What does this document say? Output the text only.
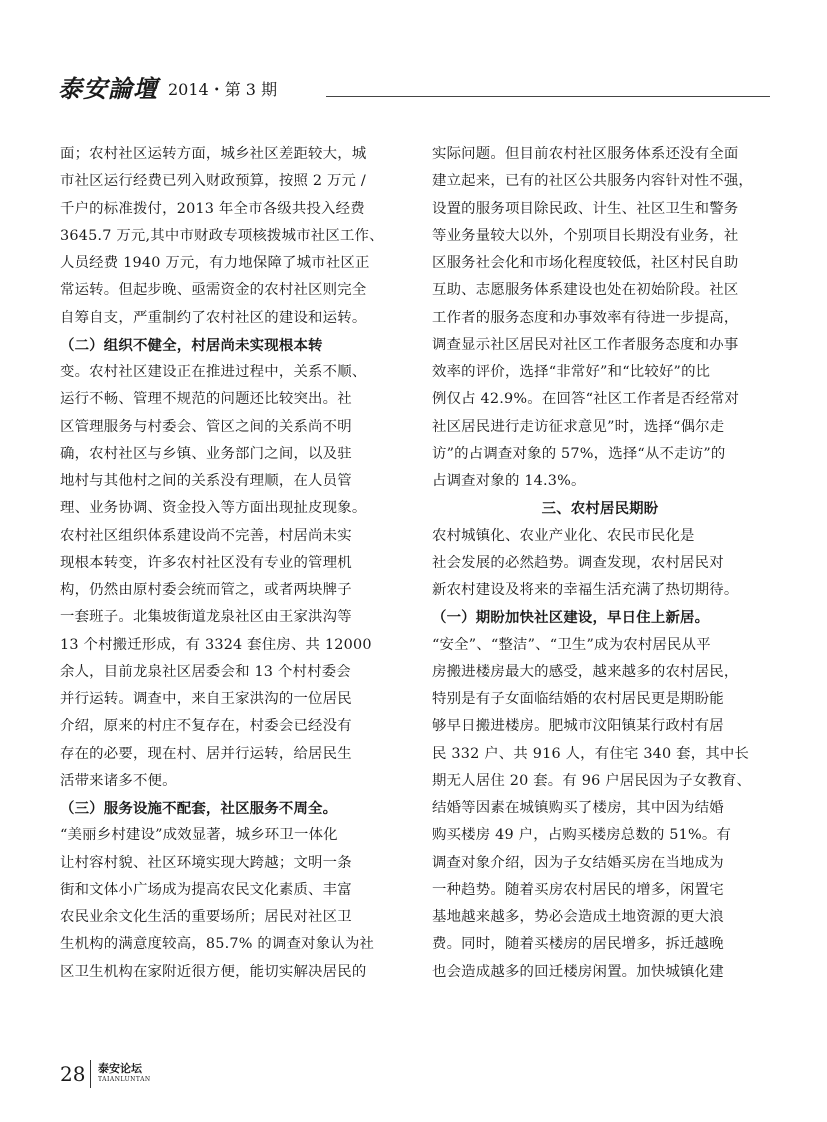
泰安論壇 2014・第 3 期
面；农村社区运转方面，城乡社区差距较大，城
市社区运行经费已列入财政预算，按照 2 万元 /
千户的标准拨付，2013 年全市各级共投入经费
3645.7 万元,其中市财政专项核拨城市社区工作、
人员经费 1940 万元，有力地保障了城市社区正
常运转。但起步晚、亟需资金的农村社区则完全
自筹自支，严重制约了农村社区的建设和运转。
（二）组织不健全，村居尚未实现根本转
变。农村社区建设正在推进过程中，关系不顺、
运行不畅、管理不规范的问题还比较突出。社
区管理服务与村委会、管区之间的关系尚不明
确，农村社区与乡镇、业务部门之间，以及驻
地村与其他村之间的关系没有理顺，在人员管
理、业务协调、资金投入等方面出现扯皮现象。
农村社区组织体系建设尚不完善，村居尚未实
现根本转变，许多农村社区没有专业的管理机
构，仍然由原村委会统而管之，或者两块牌子
一套班子。北集坡街道龙泉社区由王家洪沟等
13 个村搬迁形成，有 3324 套住房、共 12000
余人，目前龙泉社区居委会和 13 个村村委会
并行运转。调查中，来自王家洪沟的一位居民
介绍，原来的村庄不复存在，村委会已经没有
存在的必要，现在村、居并行运转，给居民生
活带来诸多不便。
（三）服务设施不配套，社区服务不周全。
“美丽乡村建设”成效显著，城乡环卫一体化
让村容村貌、社区环境实现大跨越；文明一条
街和文体小广场成为提高农民文化素质、丰富
农民业余文化生活的重要场所；居民对社区卫
生机构的满意度较高，85.7% 的调查对象认为社
区卫生机构在家附近很方便，能切实解决居民的
实际问题。但目前农村社区服务体系还没有全面
建立起来，已有的社区公共服务内容针对性不强，
设置的服务项目除民政、计生、社区卫生和警务
等业务量较大以外，个别项目长期没有业务，社
区服务社会化和市场化程度较低，社区村民自助
互助、志愿服务体系建设也处在初始阶段。社区
工作者的服务态度和办事效率有待进一步提高，
调查显示社区居民对社区工作者服务态度和办事
效率的评价，选择“非常好”和“比较好”的比
例仅占 42.9%。在回答“社区工作者是否经常对
社区居民进行走访征求意见”时，选择“偶尔走
访”的占调查对象的 57%，选择“从不走访”的
占调查对象的 14.3%。
三、农村居民期盼
农村城镇化、农业产业化、农民市民化是
社会发展的必然趋势。调查发现，农村居民对
新农村建设及将来的幸福生活充满了热切期待。
（一）期盼加快社区建设，早日住上新居。
“安全”、“整洁”、“卫生”成为农村居民从平
房搬进楼房最大的感受，越来越多的农村居民，
特别是有子女面临结婚的农村居民更是期盼能
够早日搬进楼房。肥城市汶阳镇某行政村有居
民 332 户、共 916 人，有住宅 340 套，其中长
期无人居住 20 套。有 96 户居民因为子女教育、
结婚等因素在城镇购买了楼房，其中因为结婚
购买楼房 49 户，占购买楼房总数的 51%。有
调查对象介绍，因为子女结婚买房在当地成为
一种趋势。随着买房农村居民的增多，闲置宅
基地越来越多，势必会造成土地资源的更大浪
费。同时，随着买楼房的居民增多，拆迁越晚
也会造成越多的回迁楼房闲置。加快城镇化建
28 泰安论坛
TAIANLUNTAN
